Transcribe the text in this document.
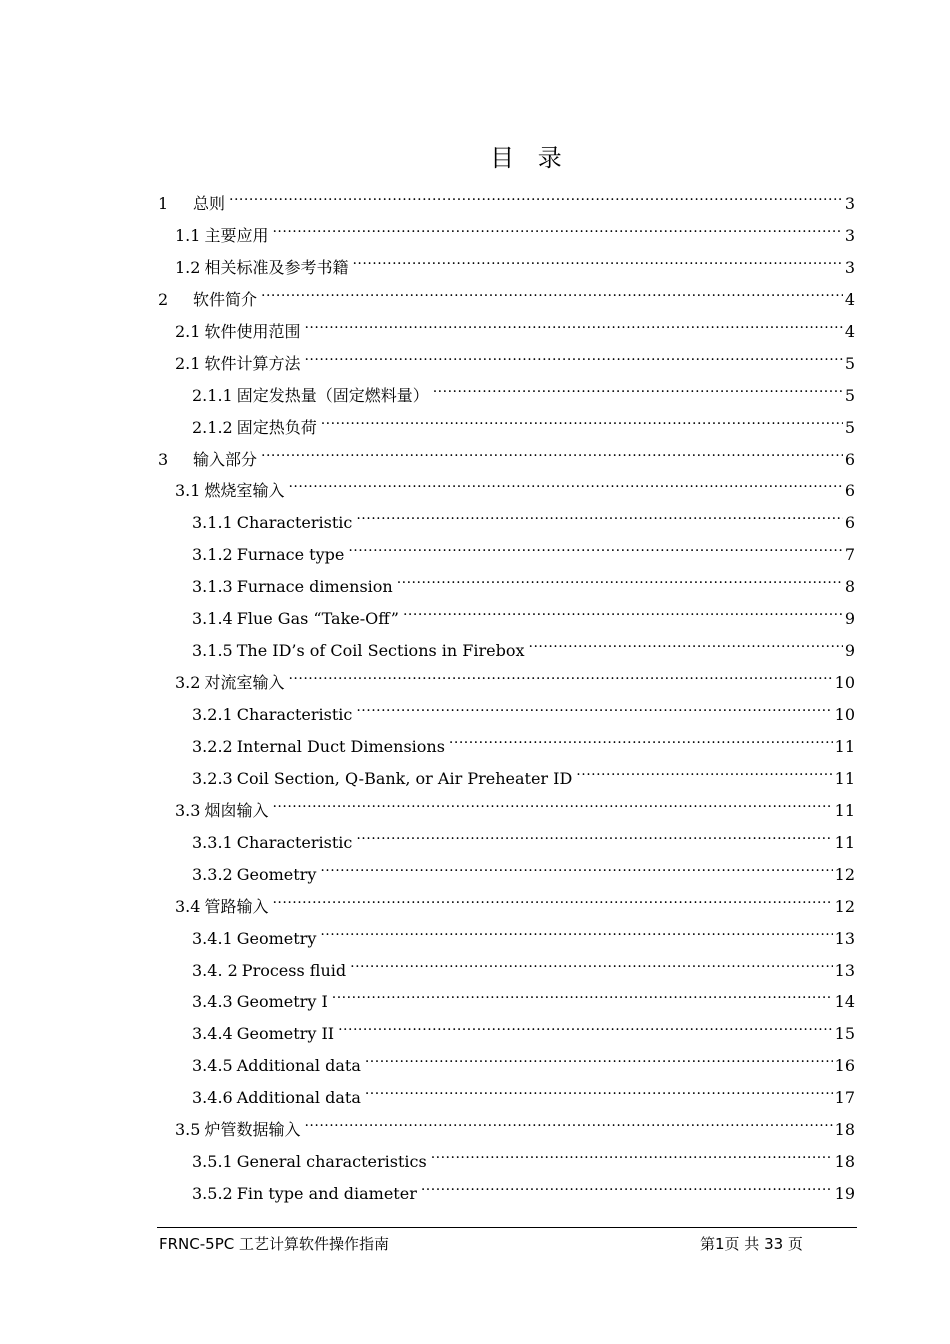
目 录
1	总则 .....	3
1.1 主要应用 .....	3
1.2 相关标准及参考书籍 .....	3
2	软件简介 .....	4
2.1 软件使用范围 .....	4
2.1 软件计算方法 .....	5
2.1.1 固定发热量（固定燃料量） .....	5
2.1.2 固定热负荷 .....	5
3	输入部分 .....	6
3.1 燃烧室输入 .....	6
3.1.1 Characteristic .....	6
3.1.2 Furnace type .....	7
3.1.3 Furnace dimension .....	8
3.1.4 Flue Gas “Take-Off” .....	9
3.1.5 The ID’s of Coil Sections in Firebox .....	9
3.2 对流室输入 .....	10
3.2.1 Characteristic .....	10
3.2.2 Internal Duct Dimensions .....	11
3.2.3 Coil Section, Q-Bank, or Air Preheater ID .....	11
3.3 烟囱输入 .....	11
3.3.1 Characteristic .....	11
3.3.2 Geometry .....	12
3.4 管路输入 .....	12
3.4.1 Geometry .....	13
3.4. 2 Process fluid .....	13
3.4.3 Geometry I .....	14
3.4.4 Geometry II .....	15
3.4.5 Additional data .....	16
3.4.6 Additional data .....	17
3.5 炉管数据输入 .....	18
3.5.1 General characteristics .....	18
3.5.2 Fin type and diameter .....	19
FRNC-5PC 工艺计算软件操作指南	第1页 共 33 页
